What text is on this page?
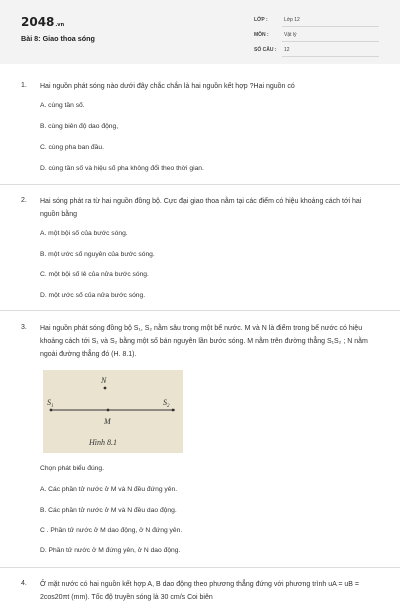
2048.vn
Bài 8: Giao thoa sóng
LỚP :	Lớp 12
MÔN :	Vật lý
SỐ CÂU : 12
1. Hai nguồn phát sóng nào dưới đây chắc chắn là hai nguồn kết hợp ?Hai nguồn có
A. cùng tần số.
B. cùng biên độ dao động,
C. cùng pha ban đầu.
D. cùng tần số và hiệu số pha không đổi theo thời gian.
2. Hai sóng phát ra từ hai nguồn đồng bộ. Cực đại giao thoa nằm tại các điểm có hiệu khoảng cách tới hai nguồn bằng
A. một bội số của bước sóng.
B. một ước số nguyên của bước sóng.
C. một bội số lẻ của nửa bước sóng.
D. một ước số của nửa bước sóng.
3. Hai nguồn phát sóng đồng bộ S₁, S₂ nằm sâu trong một bể nước. M và N là điểm trong bể nước có hiệu khoảng cách tới S₁ và S₂ bằng một số bán nguyên lần bước sóng. M nằm trên đường thẳng S₁S₂ ; N nằm ngoài đường thẳng đó (H. 8.1).
N
$S_1$	$S_2$
M
Hình 8.1
Chọn phát biểu đúng.
A. Các phần tử nước ở M và N đều đứng yên.
B. Các phần tử nước ở M và N đều dao động.
C . Phần tử nước ở M dao động, ở N đứng yên.
D. Phần tử nước ở M đứng yên, ở N dao động.
4. Ở mặt nước có hai nguồn kết hợp A, B dao động theo phương thẳng đứng với phương trình uA = uB = 2cos20πt (mm). Tốc độ truyền sóng là 30 cm/s Coi biên
